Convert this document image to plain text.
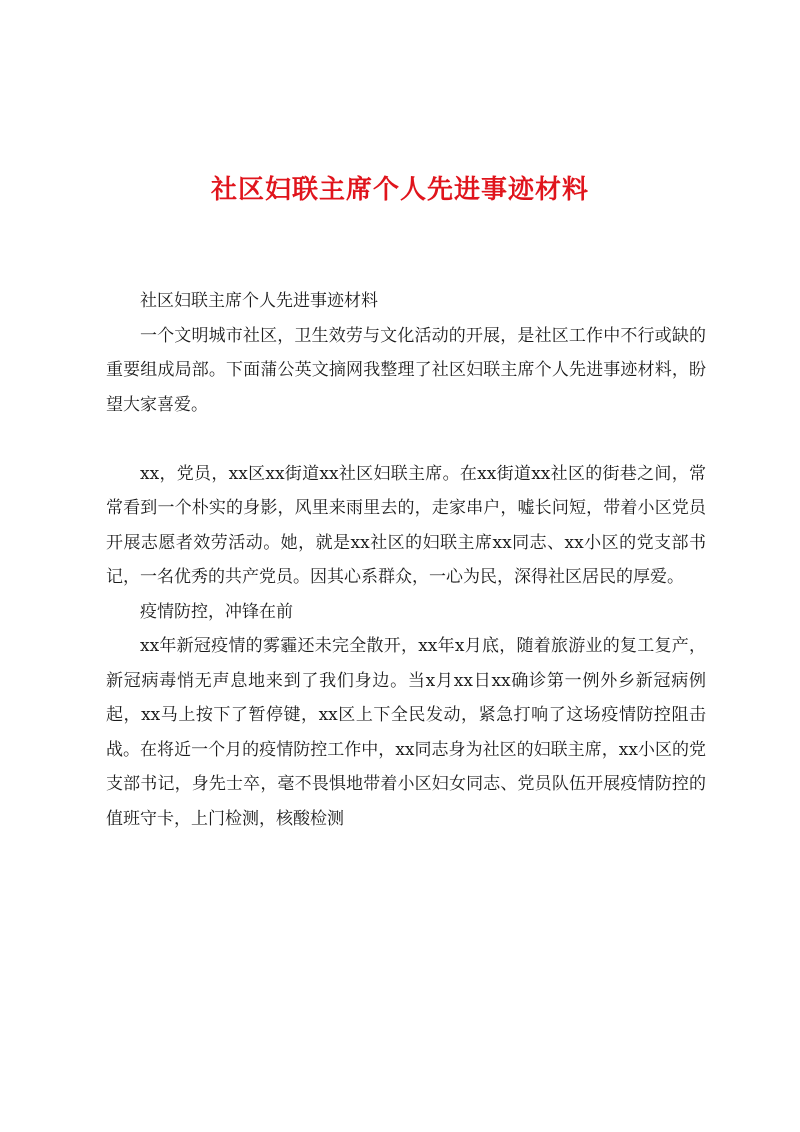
社区妇联主席个人先进事迹材料

社区妇联主席个人先进事迹材料

一个文明城市社区，卫生效劳与文化活动的开展，是社区工作中不行或缺的重要组成局部。下面蒲公英文摘网我整理了社区妇联主席个人先进事迹材料，盼望大家喜爱。

xx，党员，xx区xx街道xx社区妇联主席。在xx街道xx社区的街巷之间，常常看到一个朴实的身影，风里来雨里去的，走家串户，嘘长问短，带着小区党员开展志愿者效劳活动。她，就是xx社区的妇联主席xx同志、xx小区的党支部书记，一名优秀的共产党员。因其心系群众，一心为民，深得社区居民的厚爱。

疫情防控，冲锋在前

xx年新冠疫情的雾霾还未完全散开，xx年x月底，随着旅游业的复工复产，新冠病毒悄无声息地来到了我们身边。当x月xx日xx确诊第一例外乡新冠病例起，xx马上按下了暂停键，xx区上下全民发动，紧急打响了这场疫情防控阻击战。在将近一个月的疫情防控工作中，xx同志身为社区的妇联主席，xx小区的党支部书记，身先士卒，毫不畏惧地带着小区妇女同志、党员队伍开展疫情防控的值班守卡，上门检测，核酸检测
